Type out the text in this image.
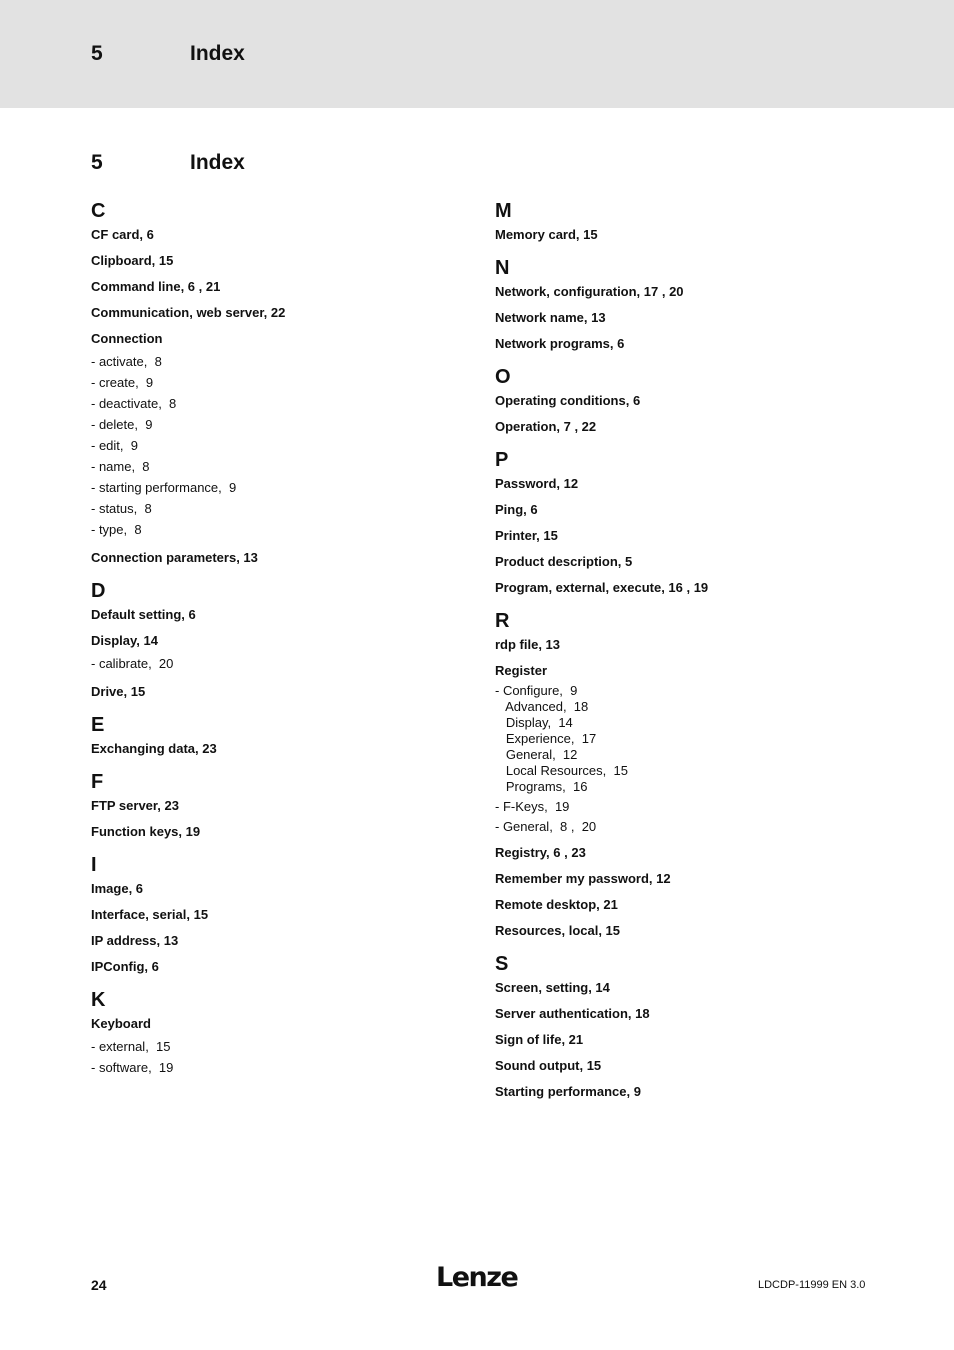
5	Index
5	Index
C
CF card, 6
Clipboard, 15
Command line, 6 , 21
Communication, web server, 22
Connection
- activate,  8
- create,  9
- deactivate,  8
- delete,  9
- edit,  9
- name,  8
- starting performance,  9
- status,  8
- type,  8
Connection parameters, 13
D
Default setting, 6
Display, 14
- calibrate,  20
Drive, 15
E
Exchanging data, 23
F
FTP server, 23
Function keys, 19
I
Image, 6
Interface, serial, 15
IP address, 13
IPConfig, 6
K
Keyboard
- external,  15
- software,  19
M
Memory card, 15
N
Network, configuration, 17 , 20
Network name, 13
Network programs, 6
O
Operating conditions, 6
Operation, 7 , 22
P
Password, 12
Ping, 6
Printer, 15
Product description, 5
Program, external, execute, 16 , 19
R
rdp file, 13
Register
- Configure,  9
Advanced,  18
Display,  14
Experience,  17
General,  12
Local Resources,  15
Programs,  16
- F-Keys,  19
- General,  8 ,  20
Registry, 6 , 23
Remember my password, 12
Remote desktop, 21
Resources, local, 15
S
Screen, setting, 14
Server authentication, 18
Sign of life, 21
Sound output, 15
Starting performance, 9
24	Lenze	LDCDP-11999 EN 3.0
